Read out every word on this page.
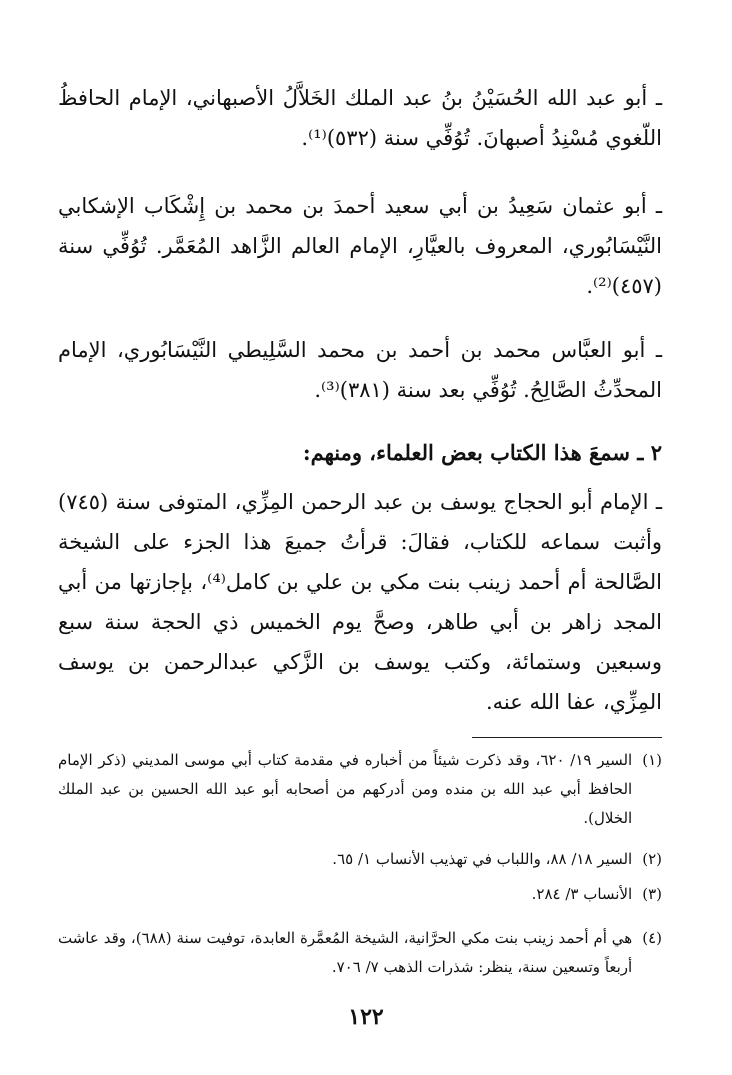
ـ أبو عبد الله الحُسَيْنُ بنُ عبد الملك الخَلاَّلُ الأصبهاني، الإمام الحافظُ اللّغوي مُسْنِدُ أصبهانَ. تُوُفِّي سنة (٥٣٢)⁽¹⁾.

ـ أبو عثمان سَعِيدُ بن أبي سعيد أحمدَ بن محمد بن إِشْكَاب الإشكابي النَّيْسَابُوري، المعروف بالعيَّارِ، الإمام العالم الزَّاهد المُعَمَّر. تُوُفِّي سنة (٤٥٧)⁽²⁾.

ـ أبو العبَّاس محمد بن أحمد بن محمد السَّلِيطي النَّيْسَابُوري، الإمام المحدِّثُ الصَّالِحُ. تُوُفِّي بعد سنة (٣٨١)⁽³⁾.

٢ ـ سمعَ هذا الكتاب بعض العلماء، ومنهم:

ـ الإمام أبو الحجاج يوسف بن عبد الرحمن المِزِّي، المتوفى سنة (٧٤٥) وأثبت سماعه للكتاب، فقالَ: قرأتُ جميعَ هذا الجزء على الشيخة الصَّالحة أم أحمد زينب بنت مكي بن علي بن كامل⁽⁴⁾، بإجازتها من أبي المجد زاهر بن أبي طاهر، وصحَّ يوم الخميس ذي الحجة سنة سبع وسبعين وستمائة، وكتب يوسف بن الزَّكي عبدالرحمن بن يوسف المِزِّي، عفا الله عنه.

(١)
السير ١٩/ ٦٢٠، وقد ذكرت شيئاً من أخباره في مقدمة كتاب أبي موسى المديني (ذكر الإمام الحافظ أبي عبد الله بن منده ومن أدركهم من أصحابه أبو عبد الله الحسين بن عبد الملك الخلال).
(٢)
السير ١٨/ ٨٨، واللباب في تهذيب الأنساب ١/ ٦٥.
(٣)
الأنساب ٣/ ٢٨٤.
(٤)
هي أم أحمد زينب بنت مكي الحرَّانية، الشيخة المُعمَّرة العابدة، توفيت سنة (٦٨٨)، وقد عاشت أربعاً وتسعين سنة، ينظر: شذرات الذهب ٧/ ٧٠٦.
١٢٢
